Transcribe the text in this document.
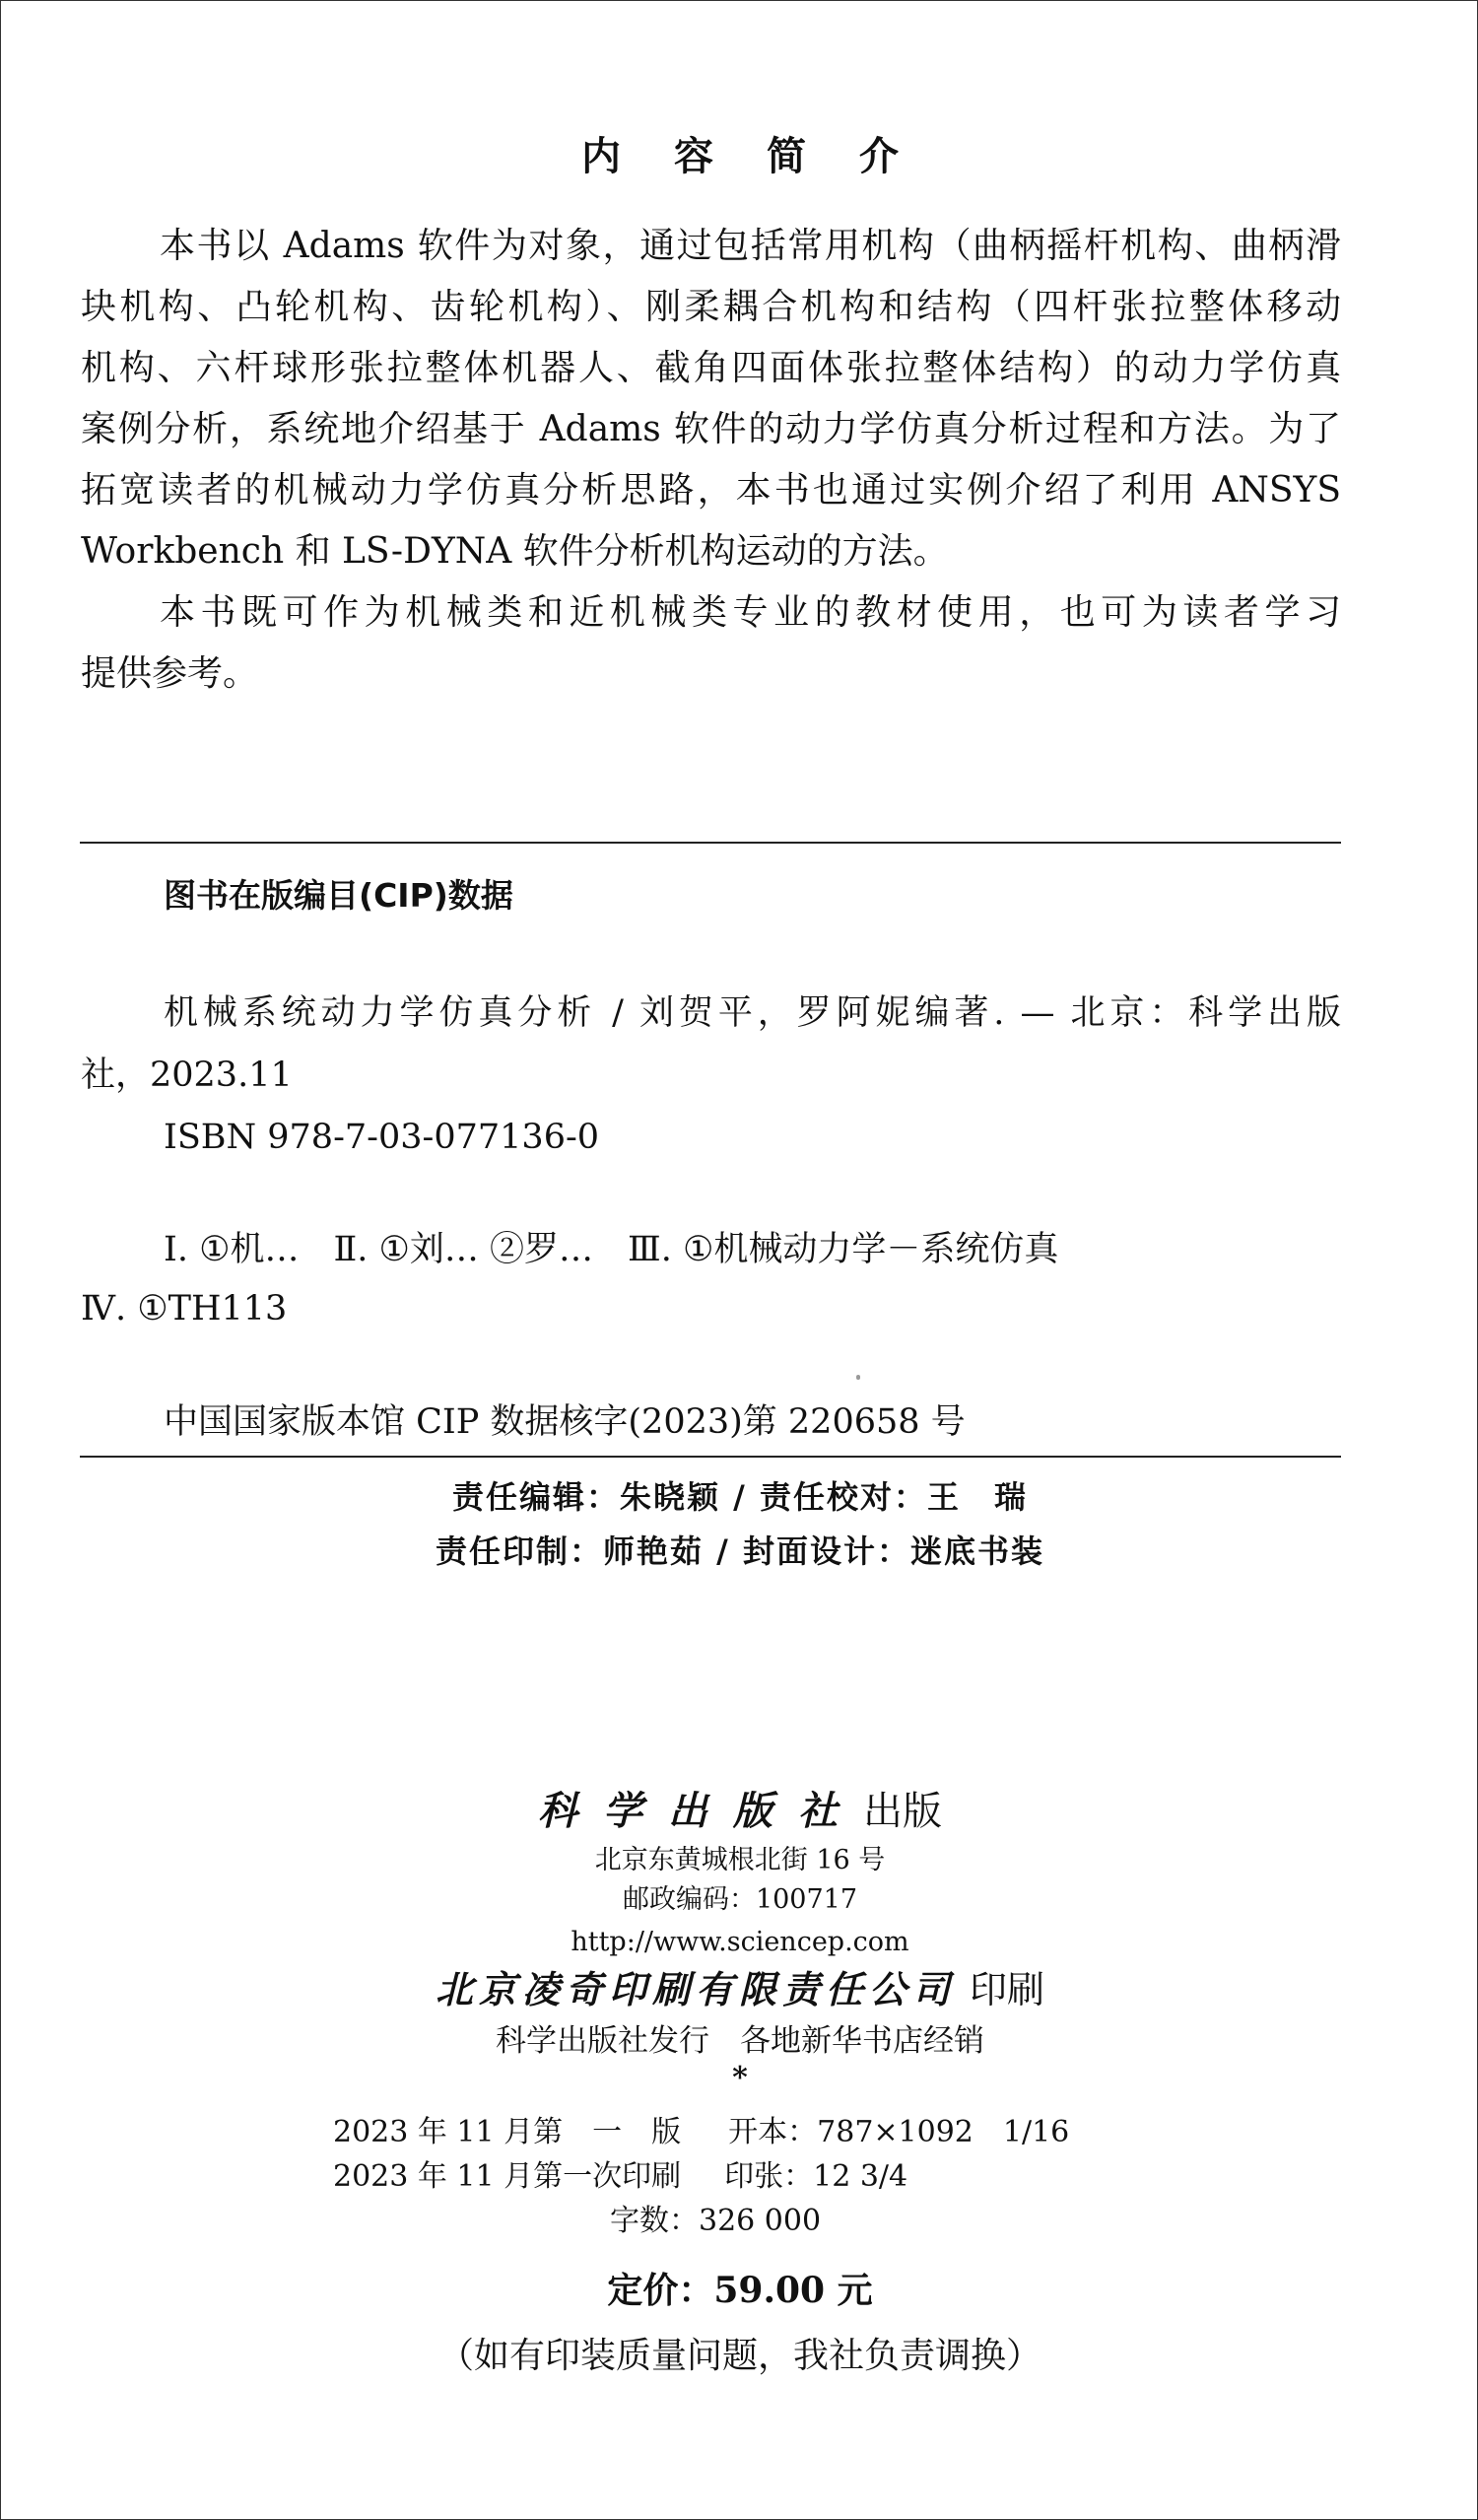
内容简介
本书以 Adams 软件为对象，通过包括常用机构（曲柄摇杆机构、曲柄滑
块机构、凸轮机构、齿轮机构）、刚柔耦合机构和结构（四杆张拉整体移动
机构、六杆球形张拉整体机器人、截角四面体张拉整体结构）的动力学仿真
案例分析，系统地介绍基于 Adams 软件的动力学仿真分析过程和方法。为了
拓宽读者的机械动力学仿真分析思路，本书也通过实例介绍了利用 ANSYS
Workbench 和 LS-DYNA 软件分析机构运动的方法。
本书既可作为机械类和近机械类专业的教材使用，也可为读者学习
提供参考。
图书在版编目(CIP)数据
机械系统动力学仿真分析 / 刘贺平，罗阿妮编著. — 北京：科学出版
社，2023.11
ISBN 978-7-03-077136-0
Ⅰ. ①机…　Ⅱ. ①刘… ②罗…　Ⅲ. ①机械动力学－系统仿真
Ⅳ. ①TH113
中国国家版本馆 CIP 数据核字(2023)第 220658 号
责任编辑：朱晓颖 / 责任校对：王　瑞
责任印制：师艳茹 / 封面设计：迷底书装
科学出版社出版
北京东黄城根北街 16 号
邮政编码：100717
http://www.sciencep.com
北京凌奇印刷有限责任公司 印刷
科学出版社发行　各地新华书店经销
*
2023 年 11 月第　一　版 开本：787×1092　1/16
2023 年 11 月第一次印刷 印张：12 3/4
字数：326 000
定价：59.00 元
（如有印装质量问题，我社负责调换）
